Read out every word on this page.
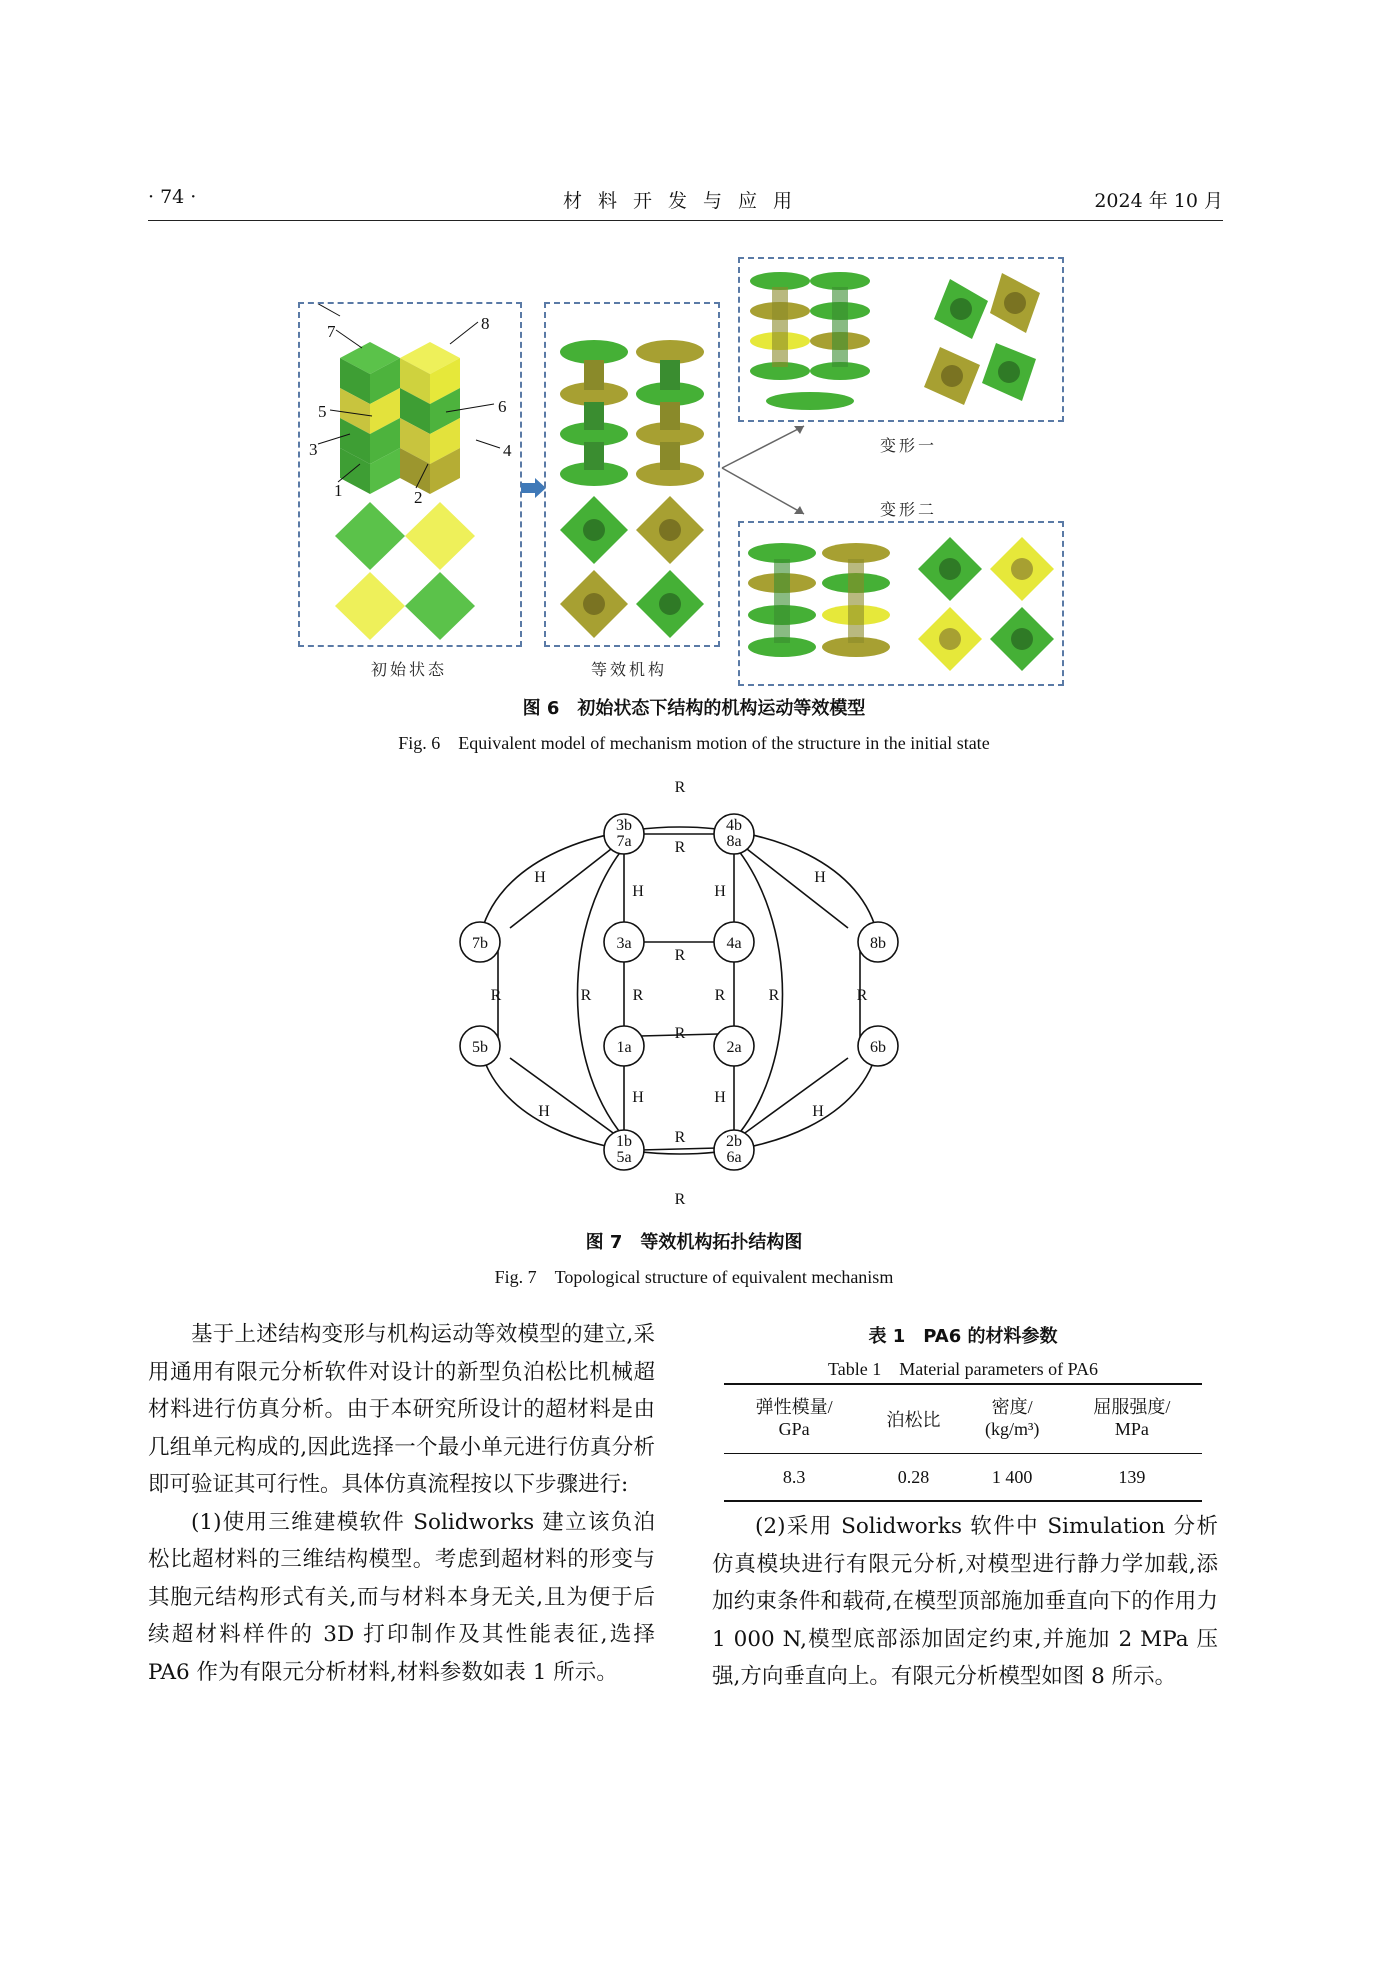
· 74 ·	材料开发与应用	2024 年 10 月
7	8
5	6
3	4
1	2
初始状态	等效机构
变形一
变形二
图 6　初始状态下结构的机构运动等效模型
Fig. 6　Equivalent model of mechanism motion of the structure in the initial state
3b
7a
4b
8a
7b	3a	4a	8b
5b	1a	2a	6b
1b
5a
2b
6a
R
R
H	H
H	H
R
R	R	R	R	R	R
R
H	H
H	H
R
R
图 7　等效机构拓扑结构图
Fig. 7　Topological structure of equivalent mechanism

基于上述结构变形与机构运动等效模型的建立,采用通用有限元分析软件对设计的新型负泊松比机械超材料进行仿真分析。由于本研究所设计的超材料是由几组单元构成的,因此选择一个最小单元进行仿真分析即可验证其可行性。具体仿真流程按以下步骤进行:

(1)使用三维建模软件 Solidworks 建立该负泊松比超材料的三维结构模型。考虑到超材料的形变与其胞元结构形式有关,而与材料本身无关,且为便于后续超材料样件的 3D 打印制作及其性能表征,选择 PA6 作为有限元分析材料,材料参数如表 1 所示。

表 1　PA6 的材料参数
Table 1　Material parameters of PA6
弹性模量/	泊松比	密度/	屈服强度/
GPa		(kg/m³)	MPa
8.3	0.28	1 400	139

(2)采用 Solidworks 软件中 Simulation 分析仿真模块进行有限元分析,对模型进行静力学加载,添加约束条件和载荷,在模型顶部施加垂直向下的作用力 1 000 N,模型底部添加固定约束,并施加 2 MPa 压强,方向垂直向上。有限元分析模型如图 8 所示。
